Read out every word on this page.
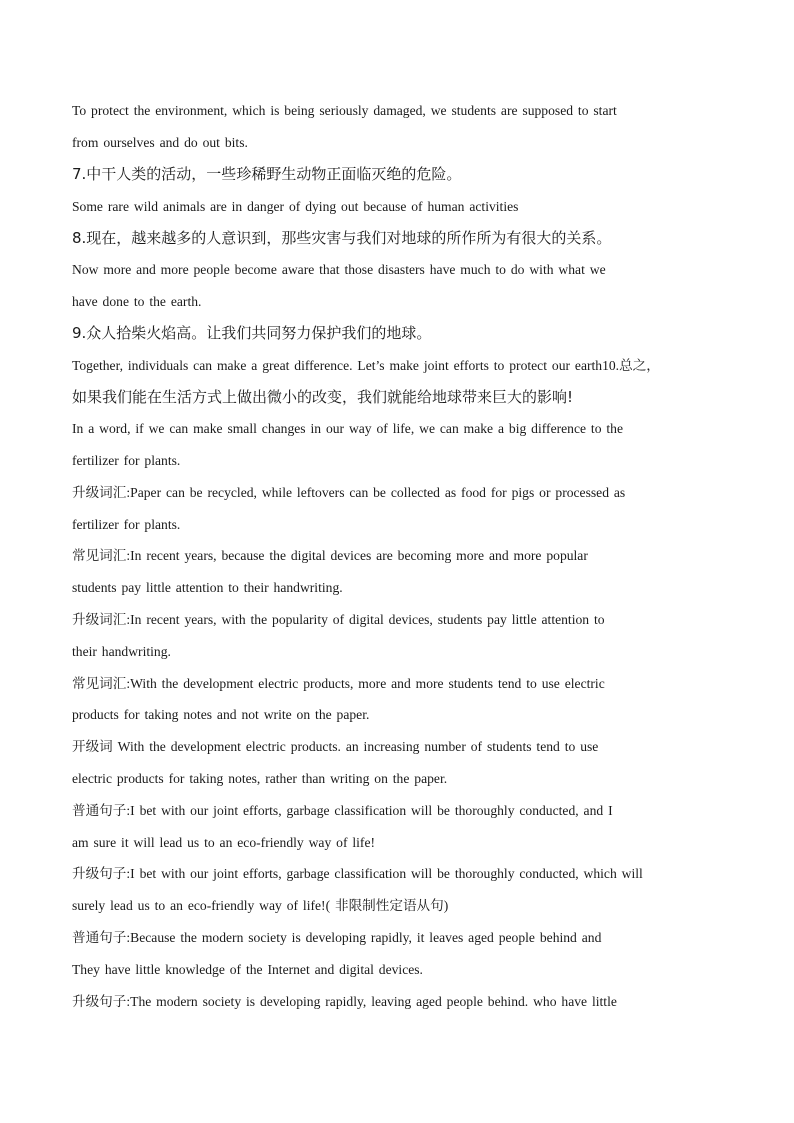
To protect the environment, which is being seriously damaged, we students are supposed to start
from ourselves and do out bits.
7.中干人类的活动，一些珍稀野生动物正面临灭绝的危险。
Some rare wild animals are in danger of dying out because of human activities
8.现在，越来越多的人意识到，那些灾害与我们对地球的所作所为有很大的关系。
Now more and more people become aware that those disasters have much to do with what we
have done to the earth.
9.众人拾柴火焰高。让我们共同努力保护我们的地球。
Together, individuals can make a great difference. Let’s make joint efforts to protect our earth10.总之，
如果我们能在生活方式上做出微小的改变，我们就能给地球带来巨大的影响!
In a word, if we can make small changes in our way of life, we can make a big difference to the
fertilizer for plants.
升级词汇:Paper can be recycled, while leftovers can be collected as food for pigs or processed as
fertilizer for plants.
常见词汇:In recent years, because the digital devices are becoming more and more popular
students pay little attention to their handwriting.
升级词汇:In recent years, with the popularity of digital devices, students pay little attention to
their handwriting.
常见词汇:With the development electric products, more and more students tend to use electric
products for taking notes and not write on the paper.
开级词 With the development electric products. an increasing number of students tend to use
electric products for taking notes, rather than writing on the paper.
普通句子:I bet with our joint efforts, garbage classification will be thoroughly conducted, and I
am sure it will lead us to an eco-friendly way of life!
升级句子:I bet with our joint efforts, garbage classification will be thoroughly conducted, which will
surely lead us to an eco-friendly way of life!( 非限制性定语从句)
普通句子:Because the modern society is developing rapidly, it leaves aged people behind and
They have little knowledge of the Internet and digital devices.
升级句子:The modern society is developing rapidly, leaving aged people behind. who have little
